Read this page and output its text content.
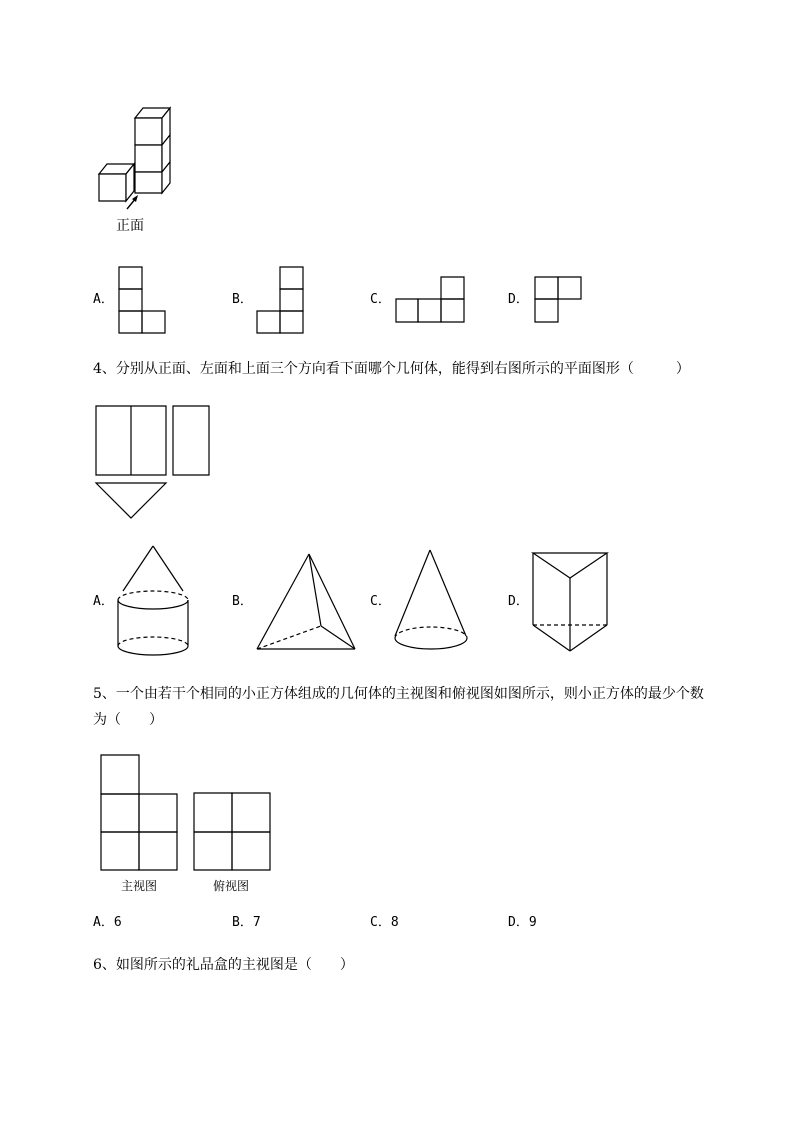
正面
A．	B．	C．	D．
4、分别从正面、左面和上面三个方向看下面哪个几何体，能得到右图所示的平面图形（　　　）
A．	B．	C．	D．
5、一个由若干个相同的小正方体组成的几何体的主视图和俯视图如图所示，则小正方体的最少个数
为（　　）
主视图	俯视图
A．6	B．7	C．8	D．9
6、如图所示的礼品盒的主视图是（　　）
